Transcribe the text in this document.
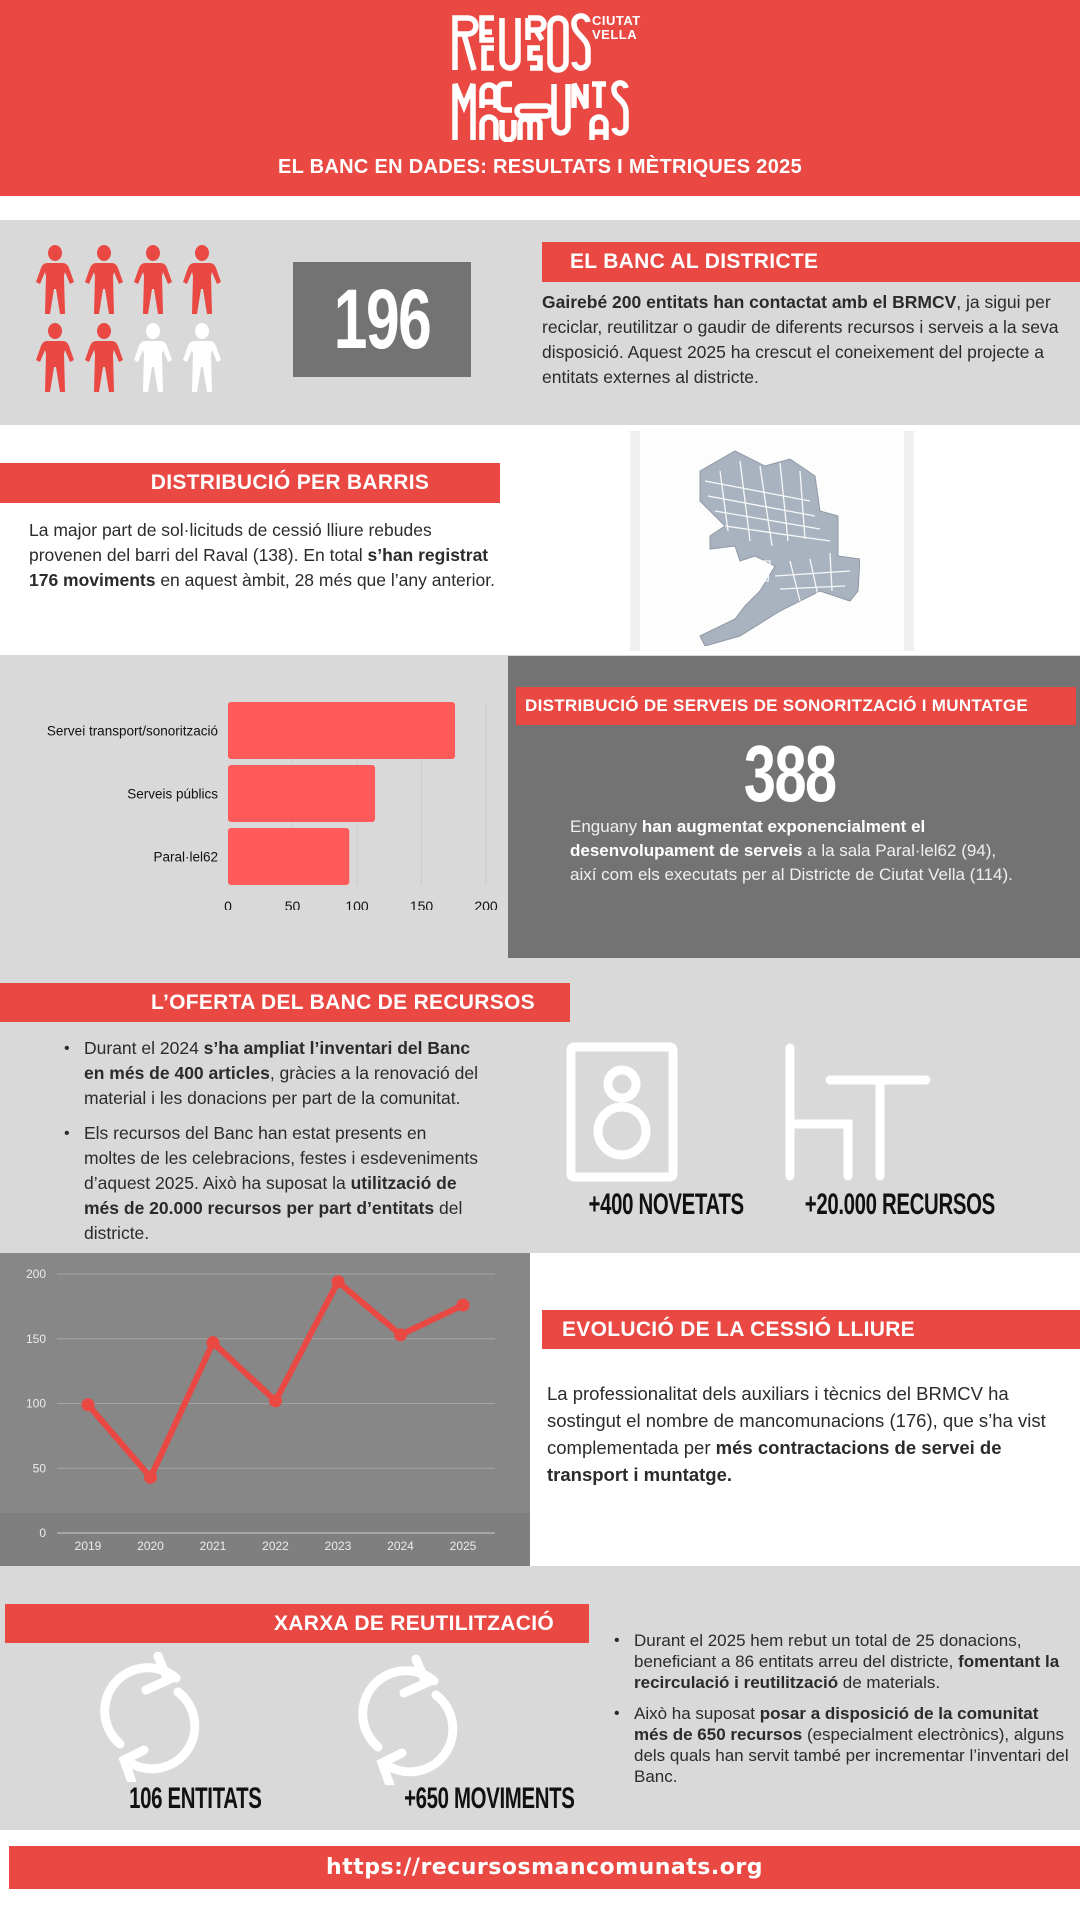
CIUTAT
VELLA
EL BANC EN DADES: RESULTATS I MÈTRIQUES 2025
196
EL BANC AL DISTRICTE
Gairebé 200 entitats han contactat amb el BRMCV, ja sigui per reciclar, reutilitzar o gaudir de diferents recursos i serveis a la seva disposició. Aquest 2025 ha crescut el coneixement del projecte a entitats externes al districte.
DISTRIBUCIÓ PER BARRIS
La major part de sol·licituds de cessió lliure rebudes provenen del barri del Raval (138). En total s’han registrat 176 moviments en aquest àmbit, 28 més que l’any anterior.
0	50	100	150	200
Servei transport/sonorització
Serveis públics
Paral·lel62
DISTRIBUCIÓ DE SERVEIS DE SONORITZACIÓ I MUNTATGE
388
Enguany han augmentat exponencialment el desenvolupament de serveis a la sala Paral·lel62 (94), així com els executats per al Districte de Ciutat Vella (114).
L’OFERTA DEL BANC DE RECURSOS
• Durant el 2024 s’ha ampliat l’inventari del Banc en més de 400 articles, gràcies a la renovació del material i les donacions per part de la comunitat.
• Els recursos del Banc han estat presents en moltes de les celebracions, festes i esdeveniments d’aquest 2025. Això ha suposat la utilització de més de 20.000 recursos per part d’entitats del districte.
+400 NOVETATS	+20.000 RECURSOS
0
50
100
150
200
2019	2020	2021	2022	2023	2024	2025
EVOLUCIÓ DE LA CESSIÓ LLIURE
La professionalitat dels auxiliars i tècnics del BRMCV ha sostingut el nombre de mancomunacions (176), que s’ha vist complementada per més contractacions de servei de transport i muntatge.
XARXA DE REUTILITZACIÓ
106 ENTITATS	+650 MOVIMENTS
• Durant el 2025 hem rebut un total de 25 donacions, beneficiant a 86 entitats arreu del districte, fomentant la recirculació i reutilització de materials.
• Això ha suposat posar a disposició de la comunitat més de 650 recursos (especialment electrònics), alguns dels quals han servit també per incrementar l’inventari del Banc.
https://recursosmancomunats.org
